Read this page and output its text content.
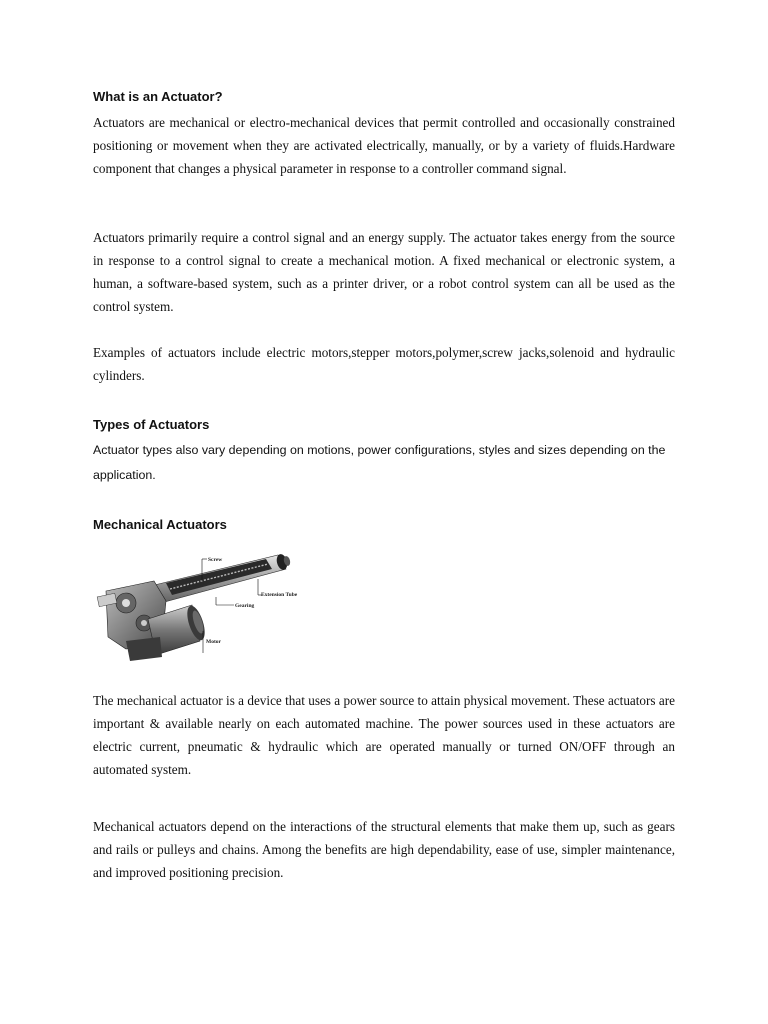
What is an Actuator?

Actuators are mechanical or electro-mechanical devices that permit controlled and occasionally constrained positioning or movement when they are activated electrically, manually, or by a variety of fluids.Hardware component that changes a physical parameter in response to a controller command signal.

Actuators primarily require a control signal and an energy supply. The actuator takes energy from the source in response to a control signal to create a mechanical motion. A fixed mechanical or electronic system, a human, a software-based system, such as a printer driver, or a robot control system can all be used as the control system.

Examples of actuators include electric motors,stepper motors,polymer,screw jacks,solenoid and hydraulic cylinders.

Types of Actuators

Actuator types also vary depending on motions, power configurations, styles and sizes depending on the application.

Mechanical Actuators
Screw
Extension Tube
Gearing
Motor

The mechanical actuator is a device that uses a power source to attain physical movement. These actuators are important & available nearly on each automated machine. The power sources used in these actuators are electric current, pneumatic & hydraulic which are operated manually or turned ON/OFF through an automated system.

Mechanical actuators depend on the interactions of the structural elements that make them up, such as gears and rails or pulleys and chains. Among the benefits are high dependability, ease of use, simpler maintenance, and improved positioning precision.
